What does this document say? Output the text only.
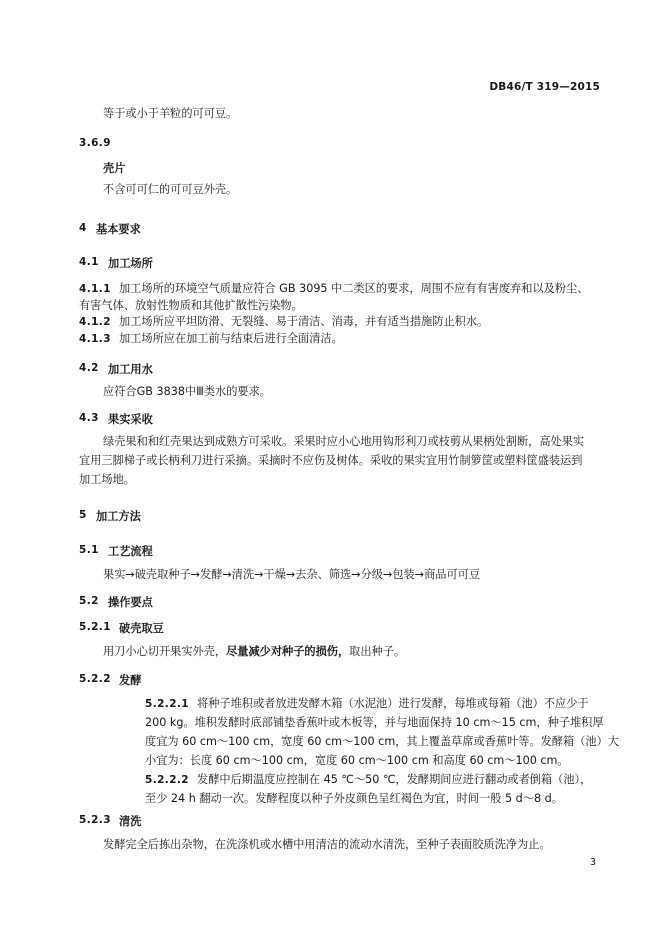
DB46/T 319—2015
等于或小于羊粒的可可豆。
3.6.9
壳片
不含可可仁的可可豆外壳。
4 基本要求
4.1 加工场所
4.1.1 加工场所的环境空气质量应符合 GB 3095 中二类区的要求，周围不应有有害废弃和以及粉尘、
有害气体、放射性物质和其他扩散性污染物。
4.1.2 加工场所应平坦防滑、无裂缝、易于清洁、消毒，并有适当措施防止积水。
4.1.3 加工场所应在加工前与结束后进行全面清洁。
4.2 加工用水
应符合GB 3838中Ⅲ类水的要求。
4.3 果实采收
绿壳果和和红壳果达到成熟方可采收。采果时应小心地用钩形利刀或枝剪从果柄处割断，高处果实
宜用三脚梯子或长柄利刀进行采摘。采摘时不应伤及树体。采收的果实宜用竹制箩筐或塑料筐盛装运到
加工场地。
5 加工方法
5.1 工艺流程
果实→破壳取种子→发酵→清洗→干燥→去杂、筛选→分级→包装→商品可可豆
5.2 操作要点
5.2.1 破壳取豆
用刀小心切开果实外壳，尽量减少对种子的损伤，取出种子。
5.2.2 发酵
5.2.2.1 将种子堆积或者放进发酵木箱（水泥池）进行发酵，每堆或每箱（池）不应少于
200 kg。堆积发酵时底部铺垫香蕉叶或木板等，并与地面保持 10 cm～15 cm，种子堆积厚
度宜为 60 cm～100 cm，宽度 60 cm～100 cm，其上覆盖草席或香蕉叶等。发酵箱（池）大
小宜为：长度 60 cm～100 cm，宽度 60 cm～100 cm 和高度 60 cm～100 cm。
5.2.2.2 发酵中后期温度应控制在 45 ℃～50 ℃，发酵期间应进行翻动或者倒箱（池），
至少 24 h 翻动一次。发酵程度以种子外皮颜色呈红褐色为宜，时间一般 5 d～8 d。
5.2.3 清洗
发酵完全后拣出杂物，在洗涤机或水槽中用清洁的流动水清洗，至种子表面胶质洗净为止。
3
